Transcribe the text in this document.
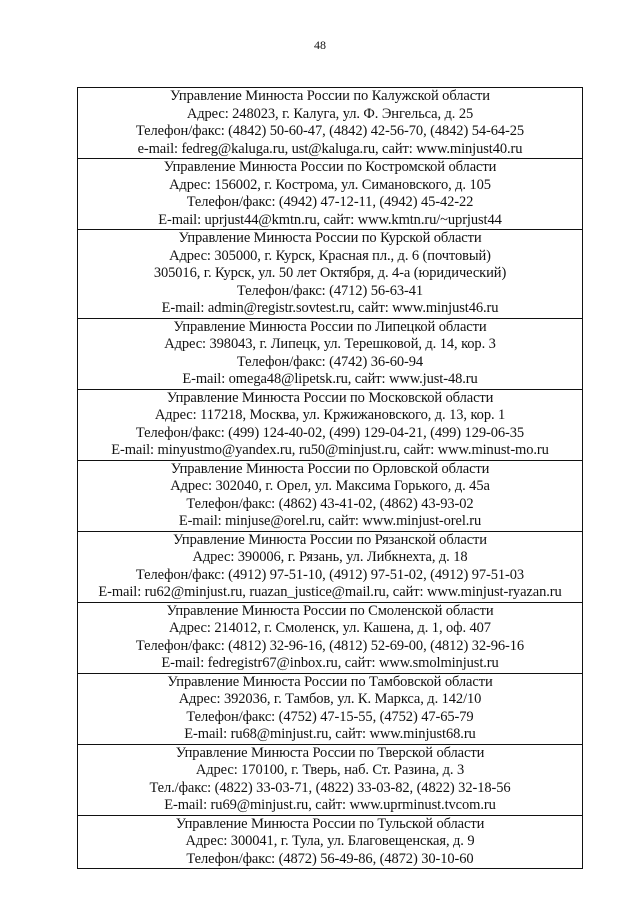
48
Управление Минюста России по Калужской области
Адрес: 248023, г. Калуга, ул. Ф. Энгельса, д. 25
Телефон/факс: (4842) 50-60-47, (4842) 42-56-70, (4842) 54-64-25
e-mail: fedreg@kaluga.ru, ust@kaluga.ru, сайт: www.minjust40.ru
Управление Минюста России по Костромской области
Адрес: 156002, г. Кострома, ул. Симановского, д. 105
Телефон/факс: (4942) 47-12-11, (4942) 45-42-22
E-mail: uprjust44@kmtn.ru, сайт: www.kmtn.ru/~uprjust44
Управление Минюста России по Курской области
Адрес: 305000, г. Курск, Красная пл., д. 6 (почтовый)
305016, г. Курск, ул. 50 лет Октября, д. 4-а (юридический)
Телефон/факс: (4712) 56-63-41
E-mail: admin@registr.sovtest.ru, сайт: www.minjust46.ru
Управление Минюста России по Липецкой области
Адрес: 398043, г. Липецк, ул. Терешковой, д. 14, кор. 3
Телефон/факс: (4742) 36-60-94
E-mail: omega48@lipetsk.ru, сайт: www.just-48.ru
Управление Минюста России по Московской области
Адрес: 117218, Москва, ул. Кржижановского, д. 13, кор. 1
Телефон/факс: (499) 124-40-02, (499) 129-04-21, (499) 129-06-35
E-mail: minyustmo@yandex.ru, ru50@minjust.ru, сайт: www.minust-mo.ru
Управление Минюста России по Орловской области
Адрес: 302040, г. Орел, ул. Максима Горького, д. 45а
Телефон/факс: (4862) 43-41-02, (4862) 43-93-02
E-mail: minjuse@orel.ru, сайт: www.minjust-orel.ru
Управление Минюста России по Рязанской области
Адрес: 390006, г. Рязань, ул. Либкнехта, д. 18
Телефон/факс: (4912) 97-51-10, (4912) 97-51-02, (4912) 97-51-03
E-mail: ru62@minjust.ru, ruazan_justice@mail.ru, сайт: www.minjust-ryazan.ru
Управление Минюста России по Смоленской области
Адрес: 214012, г. Смоленск, ул. Кашена, д. 1, оф. 407
Телефон/факс: (4812) 32-96-16, (4812) 52-69-00, (4812) 32-96-16
E-mail: fedregistr67@inbox.ru, сайт: www.smolminjust.ru
Управление Минюста России по Тамбовской области
Адрес: 392036, г. Тамбов, ул. К. Маркса, д. 142/10
Телефон/факс: (4752) 47-15-55, (4752) 47-65-79
E-mail: ru68@minjust.ru, сайт: www.minjust68.ru
Управление Минюста России по Тверской области
Адрес: 170100, г. Тверь, наб. Ст. Разина, д. 3
Тел./факс: (4822) 33-03-71, (4822) 33-03-82, (4822) 32-18-56
E-mail: ru69@minjust.ru, сайт: www.uprminust.tvcom.ru
Управление Минюста России по Тульской области
Адрес: 300041, г. Тула, ул. Благовещенская, д. 9
Телефон/факс: (4872) 56-49-86, (4872) 30-10-60
